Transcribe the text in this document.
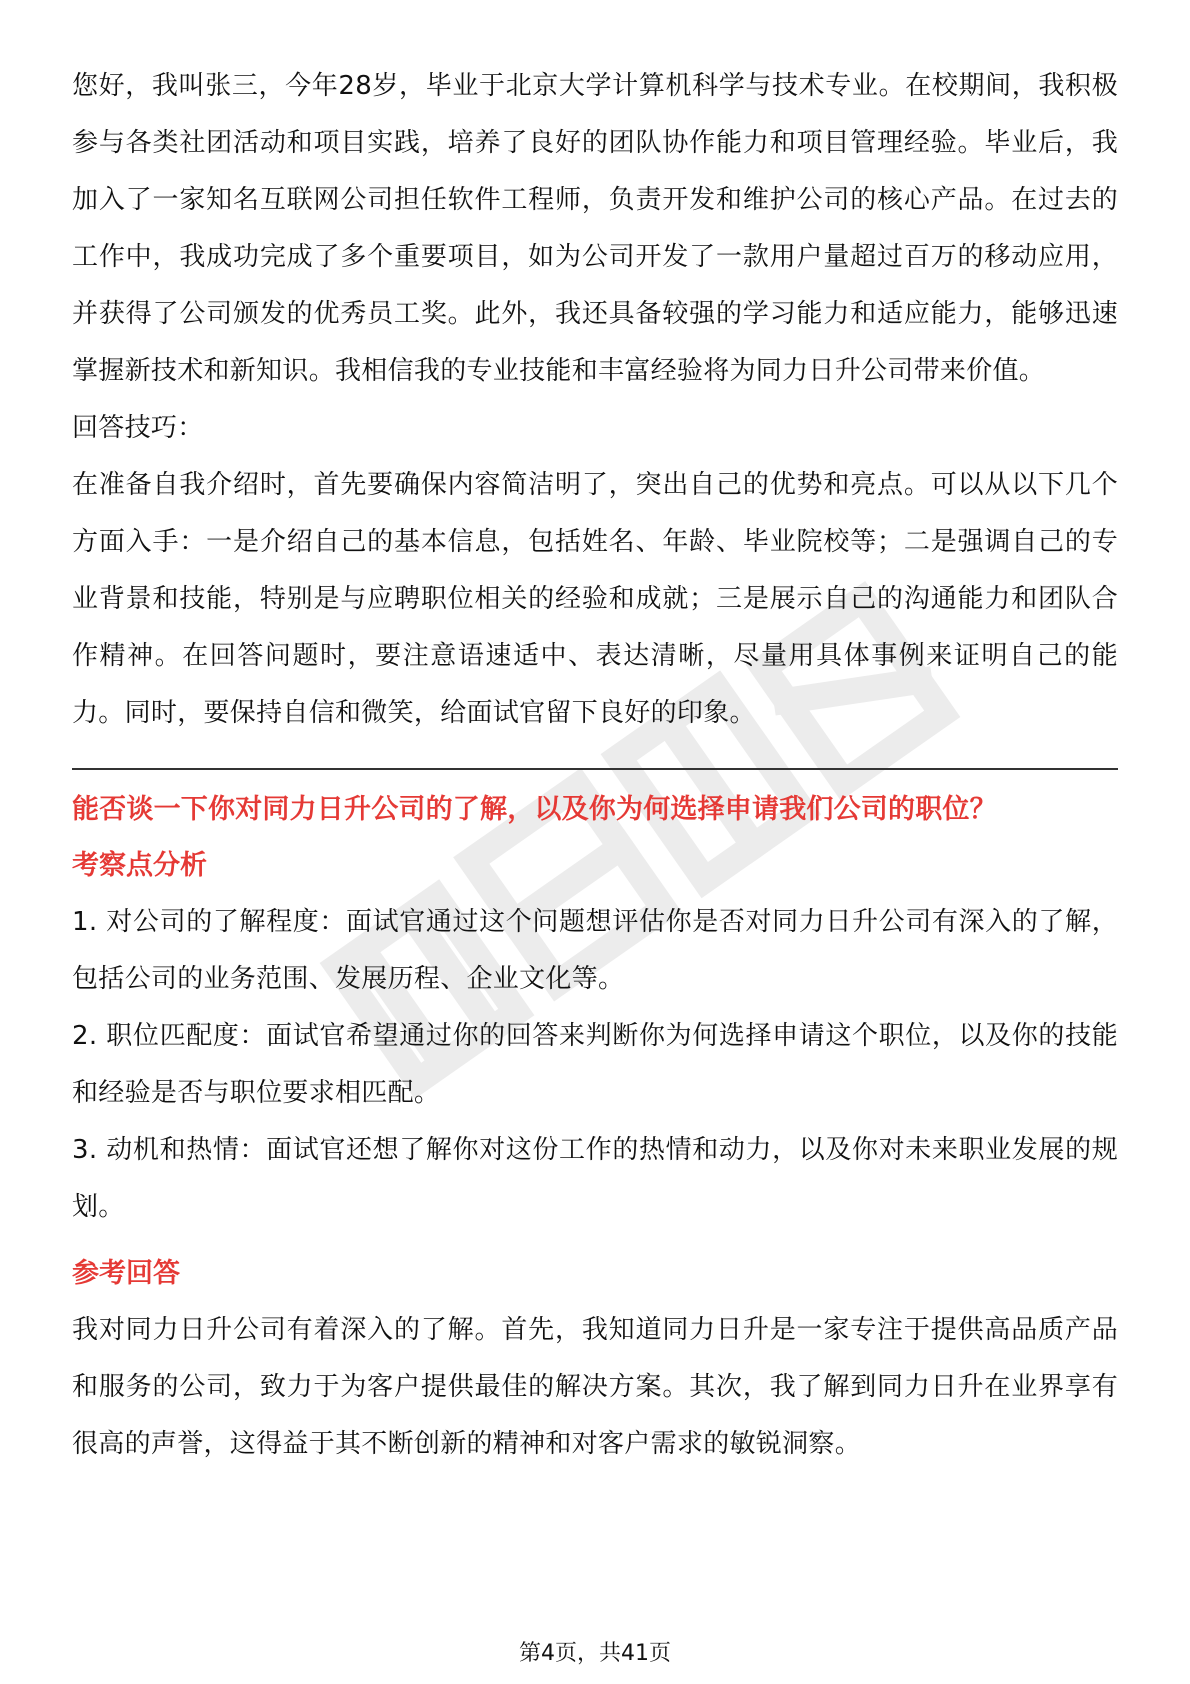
您好，我叫张三，今年28岁，毕业于北京大学计算机科学与技术专业。在校期间，我积极参与各类社团活动和项目实践，培养了良好的团队协作能力和项目管理经验。毕业后，我加入了一家知名互联网公司担任软件工程师，负责开发和维护公司的核心产品。在过去的工作中，我成功完成了多个重要项目，如为公司开发了一款用户量超过百万的移动应用，并获得了公司颁发的优秀员工奖。此外，我还具备较强的学习能力和适应能力，能够迅速掌握新技术和新知识。我相信我的专业技能和丰富经验将为同力日升公司带来价值。

回答技巧：

在准备自我介绍时，首先要确保内容简洁明了，突出自己的优势和亮点。可以从以下几个方面入手：一是介绍自己的基本信息，包括姓名、年龄、毕业院校等；二是强调自己的专业背景和技能，特别是与应聘职位相关的经验和成就；三是展示自己的沟通能力和团队合作精神。在回答问题时，要注意语速适中、表达清晰，尽量用具体事例来证明自己的能力。同时，要保持自信和微笑，给面试官留下良好的印象。

能否谈一下你对同力日升公司的了解，以及你为何选择申请我们公司的职位？

考察点分析

1. 对公司的了解程度：面试官通过这个问题想评估你是否对同力日升公司有深入的了解，包括公司的业务范围、发展历程、企业文化等。

2. 职位匹配度：面试官希望通过你的回答来判断你为何选择申请这个职位，以及你的技能和经验是否与职位要求相匹配。

3. 动机和热情：面试官还想了解你对这份工作的热情和动力，以及你对未来职业发展的规划。

参考回答

我对同力日升公司有着深入的了解。首先，我知道同力日升是一家专注于提供高品质产品和服务的公司，致力于为客户提供最佳的解决方案。其次，我了解到同力日升在业界享有很高的声誉，这得益于其不断创新的精神和对客户需求的敏锐洞察。

第4页，共41页
